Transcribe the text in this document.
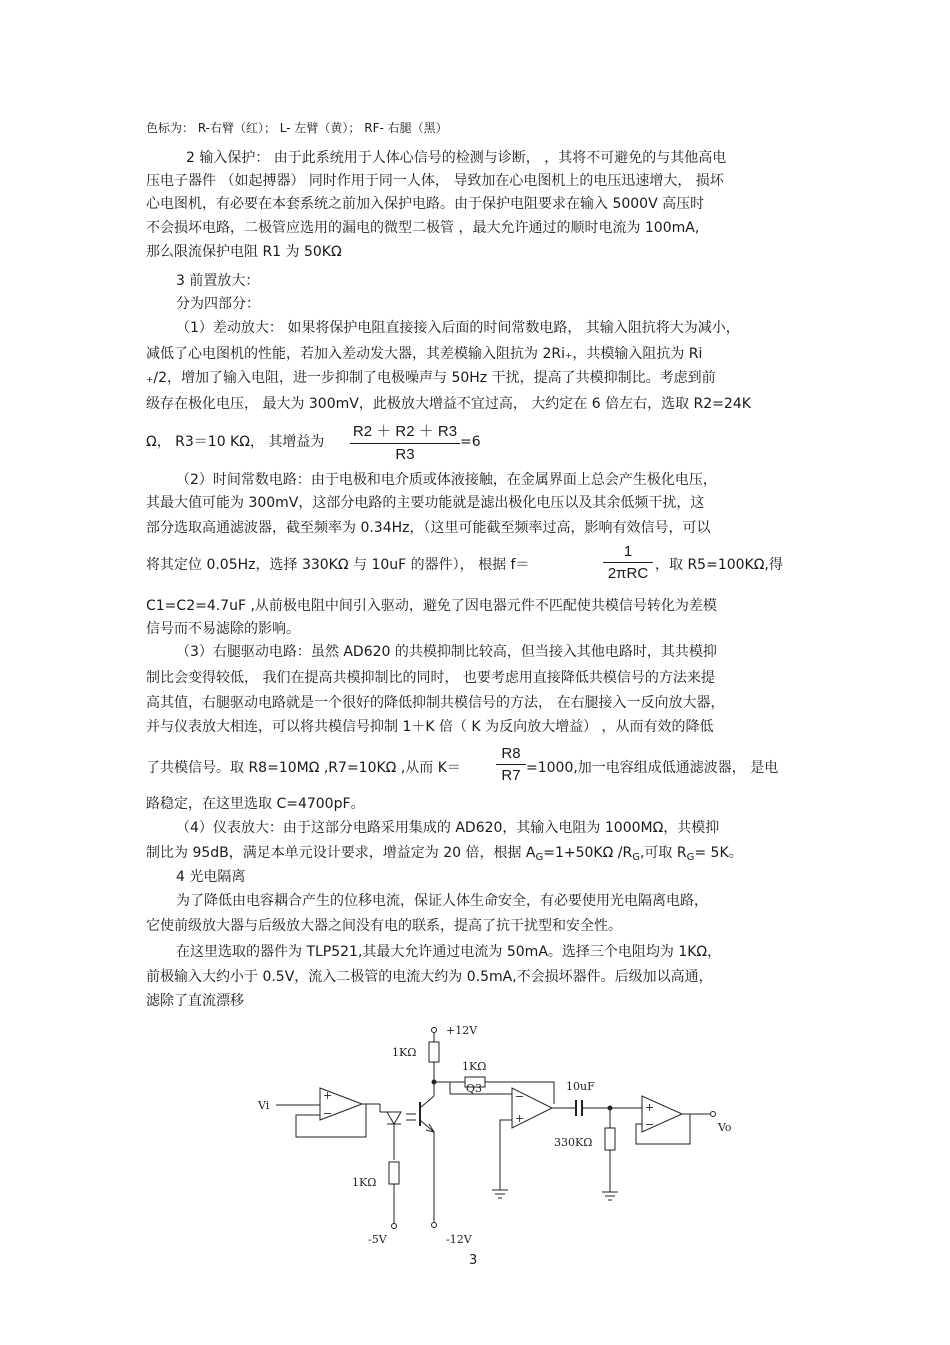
色标为： R-右臂（红）； L- 左臂（黄）； RF- 右腿（黑）
2 输入保护： 由于此系统用于人体心信号的检测与诊断， ，其将不可避免的与其他高电
压电子器件 （如起搏器） 同时作用于同一人体， 导致加在心电图机上的电压迅速增大， 损坏
心电图机，有必要在本套系统之前加入保护电路。由于保护电阻要求在输入 5000V 高压时
不会损坏电路，二极管应选用的漏电的微型二极管 ，最大允许通过的顺时电流为 100mA,
那么限流保护电阻 R1 为 50KΩ
3 前置放大：
分为四部分：
（1）差动放大： 如果将保护电阻直接接入后面的时间常数电路， 其输入阻抗将大为减小，
减低了心电图机的性能，若加入差动发大器，其差模输入阻抗为 2Ri₊，共模输入阻抗为 Ri
₊/2，增加了输入电阻，进一步抑制了电极噪声与 50Hz 干扰，提高了共模抑制比。考虑到前
级存在极化电压， 最大为 300mV，此极放大增益不宜过高， 大约定在 6 倍左右，选取 R2=24K
Ω， R3＝10 KΩ， 其增益为 $\frac{R2 + R2 + R3}{R3} =6$
（2）时间常数电路：由于电极和电介质或体液接触，在金属界面上总会产生极化电压，
其最大值可能为 300mV，这部分电路的主要功能就是滤出极化电压以及其余低频干扰，这
部分选取高通滤波器，截至频率为 0.34Hz，（这里可能截至频率过高，影响有效信号，可以
将其定位 0.05Hz，选择 330KΩ 与 10uF 的器件）， 根据 f＝
1
2πRC ，取 R5=100KΩ,得
C1=C2=4.7uF ,从前极电阻中间引入驱动，避免了因电器元件不匹配使共模信号转化为差模
信号而不易滤除的影响。
（3）右腿驱动电路：虽然 AD620 的共模抑制比较高，但当接入其他电路时，其共模抑
制比会变得较低， 我们在提高共模抑制比的同时， 也要考虑用直接降低共模信号的方法来提
高其值，右腿驱动电路就是一个很好的降低抑制共模信号的方法， 在右腿接入一反向放大器，
并与仪表放大相连，可以将共模信号抑制 1＋K 倍（ K 为反向放大增益） ，从而有效的降低
了共模信号。取 R8=10MΩ ,R7=10KΩ ,从而 $K= \frac{R8}{R7} =1000$,加一电容组成低通滤波器， 是电
路稳定，在这里选取 C=4700pF。
（4）仪表放大：由于这部分电路采用集成的 AD620，其输入电阻为 1000MΩ，共模抑
制比为 95dB，满足本单元设计要求，增益定为 20 倍，根据 $A_G=1+50K\Omega$ $/R_G$,可取 $R_G= 5K$。
4 光电隔离
为了降低由电容耦合产生的位移电流，保证人体生命安全，有必要使用光电隔离电路，
它使前级放大器与后级放大器之间没有电的联系，提高了抗干扰型和安全性。
在这里选取的器件为 TLP521,其最大允许通过电流为 50mA。选择三个电阻均为 1KΩ，
前极输入大约小于 0.5V，流入二极管的电流大约为 0.5mA,不会损坏器件。后级加以高通，
滤除了直流漂移
Vi
+
−
1KΩ
-5V
Q3
+12V
1KΩ
-12V
1KΩ
−
+
10uF
330KΩ
+
−	Vo
3
